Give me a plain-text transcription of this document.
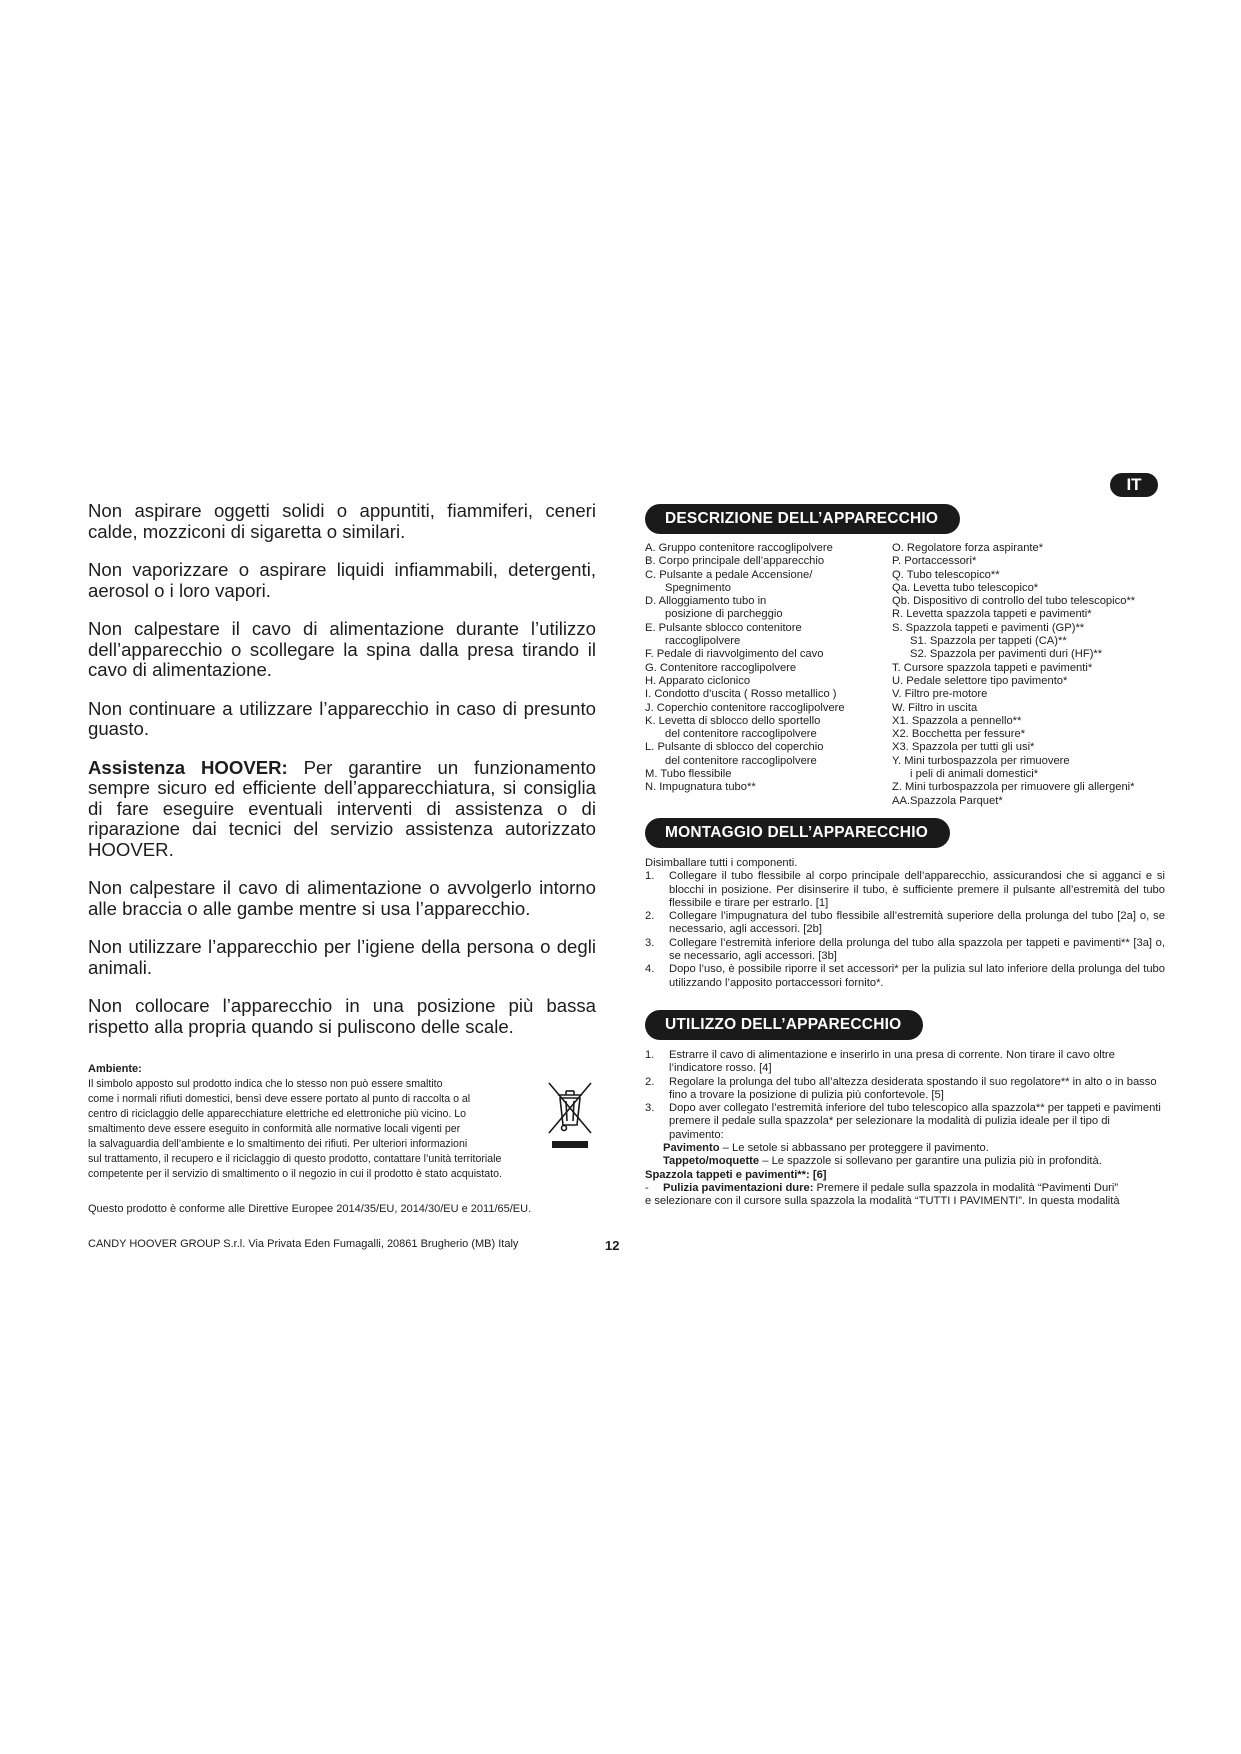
IT

Non aspirare oggetti solidi o appuntiti, fiammiferi, ceneri calde, mozziconi di sigaretta o similari.

Non vaporizzare o aspirare liquidi infiammabili, detergenti, aerosol o i loro vapori.

Non calpestare il cavo di alimentazione durante l’utilizzo dell’apparecchio o scollegare la spina dalla presa tirando il cavo di alimentazione.

Non continuare a utilizzare l’apparecchio in caso di presunto guasto.

Assistenza HOOVER: Per garantire un funzionamento sempre sicuro ed efficiente dell’apparecchiatura, si consiglia di fare eseguire eventuali interventi di assistenza o di riparazione dai tecnici del servizio assistenza autorizzato HOOVER.

Non calpestare il cavo di alimentazione o avvolgerlo intorno alle braccia o alle gambe mentre si usa l’apparecchio.

Non utilizzare l’apparecchio per l’igiene della persona o degli animali.

Non collocare l’apparecchio in una posizione più bassa rispetto alla propria quando si puliscono delle scale.

Ambiente:

Il simbolo apposto sul prodotto indica che lo stesso non può essere smaltito
come i normali rifiuti domestici, bensì deve essere portato al punto di raccolta o al
centro di riciclaggio delle apparecchiature elettriche ed elettroniche più vicino. Lo
smaltimento deve essere eseguito in conformità alle normative locali vigenti per
la salvaguardia dell’ambiente e lo smaltimento dei rifiuti. Per ulteriori informazioni
sul trattamento, il recupero e il riciclaggio di questo prodotto, contattare l’unità territoriale
competente per il servizio di smaltimento o il negozio in cui il prodotto è stato acquistato.

Questo prodotto è conforme alle Direttive Europee 2014/35/EU, 2014/30/EU e 2011/65/EU.

CANDY HOOVER GROUP S.r.l. Via Privata Eden Fumagalli, 20861 Brugherio (MB) Italy	12
DESCRIZIONE DELL’APPARECCHIO
A. Gruppo contenitore raccoglipolvere
B. Corpo principale dell’apparecchio
C. Pulsante a pedale Accensione/
Spegnimento
D. Alloggiamento tubo in
posizione di parcheggio
E. Pulsante sblocco contenitore
raccoglipolvere
F. Pedale di riavvolgimento del cavo
G. Contenitore raccoglipolvere
H. Apparato ciclonico
I. Condotto d’uscita ( Rosso metallico )
J. Coperchio contenitore raccoglipolvere
K. Levetta di sblocco dello sportello
del contenitore raccoglipolvere
L. Pulsante di sblocco del coperchio
del contenitore raccoglipolvere
M. Tubo flessibile
N. Impugnatura tubo**
O. Regolatore forza aspirante*
P. Portaccessori*
Q. Tubo telescopico**
Qa. Levetta tubo telescopico*
Qb. Dispositivo di controllo del tubo telescopico**
R. Levetta spazzola tappeti e pavimenti*
S. Spazzola tappeti e pavimenti (GP)**
S1. Spazzola per tappeti (CA)**
S2. Spazzola per pavimenti duri (HF)**
T. Cursore spazzola tappeti e pavimenti*
U. Pedale selettore tipo pavimento*
V. Filtro pre-motore
W. Filtro in uscita
X1. Spazzola a pennello**
X2. Bocchetta per fessure*
X3. Spazzola per tutti gli usi*
Y. Mini turbospazzola per rimuovere
i peli di animali domestici*
Z. Mini turbospazzola per rimuovere gli allergeni*
AA.Spazzola Parquet*
MONTAGGIO DELL’APPARECCHIO
Disimballare tutti i componenti.
1. Collegare il tubo flessibile al corpo principale dell’apparecchio, assicurandosi che si agganci e si blocchi in posizione. Per disinserire il tubo, è sufficiente premere il pulsante all’estremità del tubo flessibile e tirare per estrarlo. [1]
2. Collegare l’impugnatura del tubo flessibile all’estremità superiore della prolunga del tubo [2a] o, se necessario, agli accessori. [2b]
3. Collegare l’estremità inferiore della prolunga del tubo alla spazzola per tappeti e pavimenti** [3a] o, se necessario, agli accessori. [3b]
4. Dopo l’uso, è possibile riporre il set accessori* per la pulizia sul lato inferiore della prolunga del tubo utilizzando l’apposito portaccessori fornito*.
UTILIZZO DELL’APPARECCHIO
1. Estrarre il cavo di alimentazione e inserirlo in una presa di corrente. Non tirare il cavo oltre l’indicatore rosso. [4]
2. Regolare la prolunga del tubo all’altezza desiderata spostando il suo regolatore** in alto o in basso fino a trovare la posizione di pulizia più confortevole. [5]
3. Dopo aver collegato l’estremità inferiore del tubo telescopico alla spazzola** per tappeti e pavimenti premere il pedale sulla spazzola* per selezionare la modalità di pulizia ideale per il tipo di pavimento:
Pavimento – Le setole si abbassano per proteggere il pavimento.
Tappeto/moquette – Le spazzole si sollevano per garantire una pulizia più in profondità.
Spazzola tappeti e pavimenti**: [6]
- Pulizia pavimentazioni dure: Premere il pedale sulla spazzola in modalità “Pavimenti Duri”
e selezionare con il cursore sulla spazzola la modalità “TUTTI I PAVIMENTI”. In questa modalità
